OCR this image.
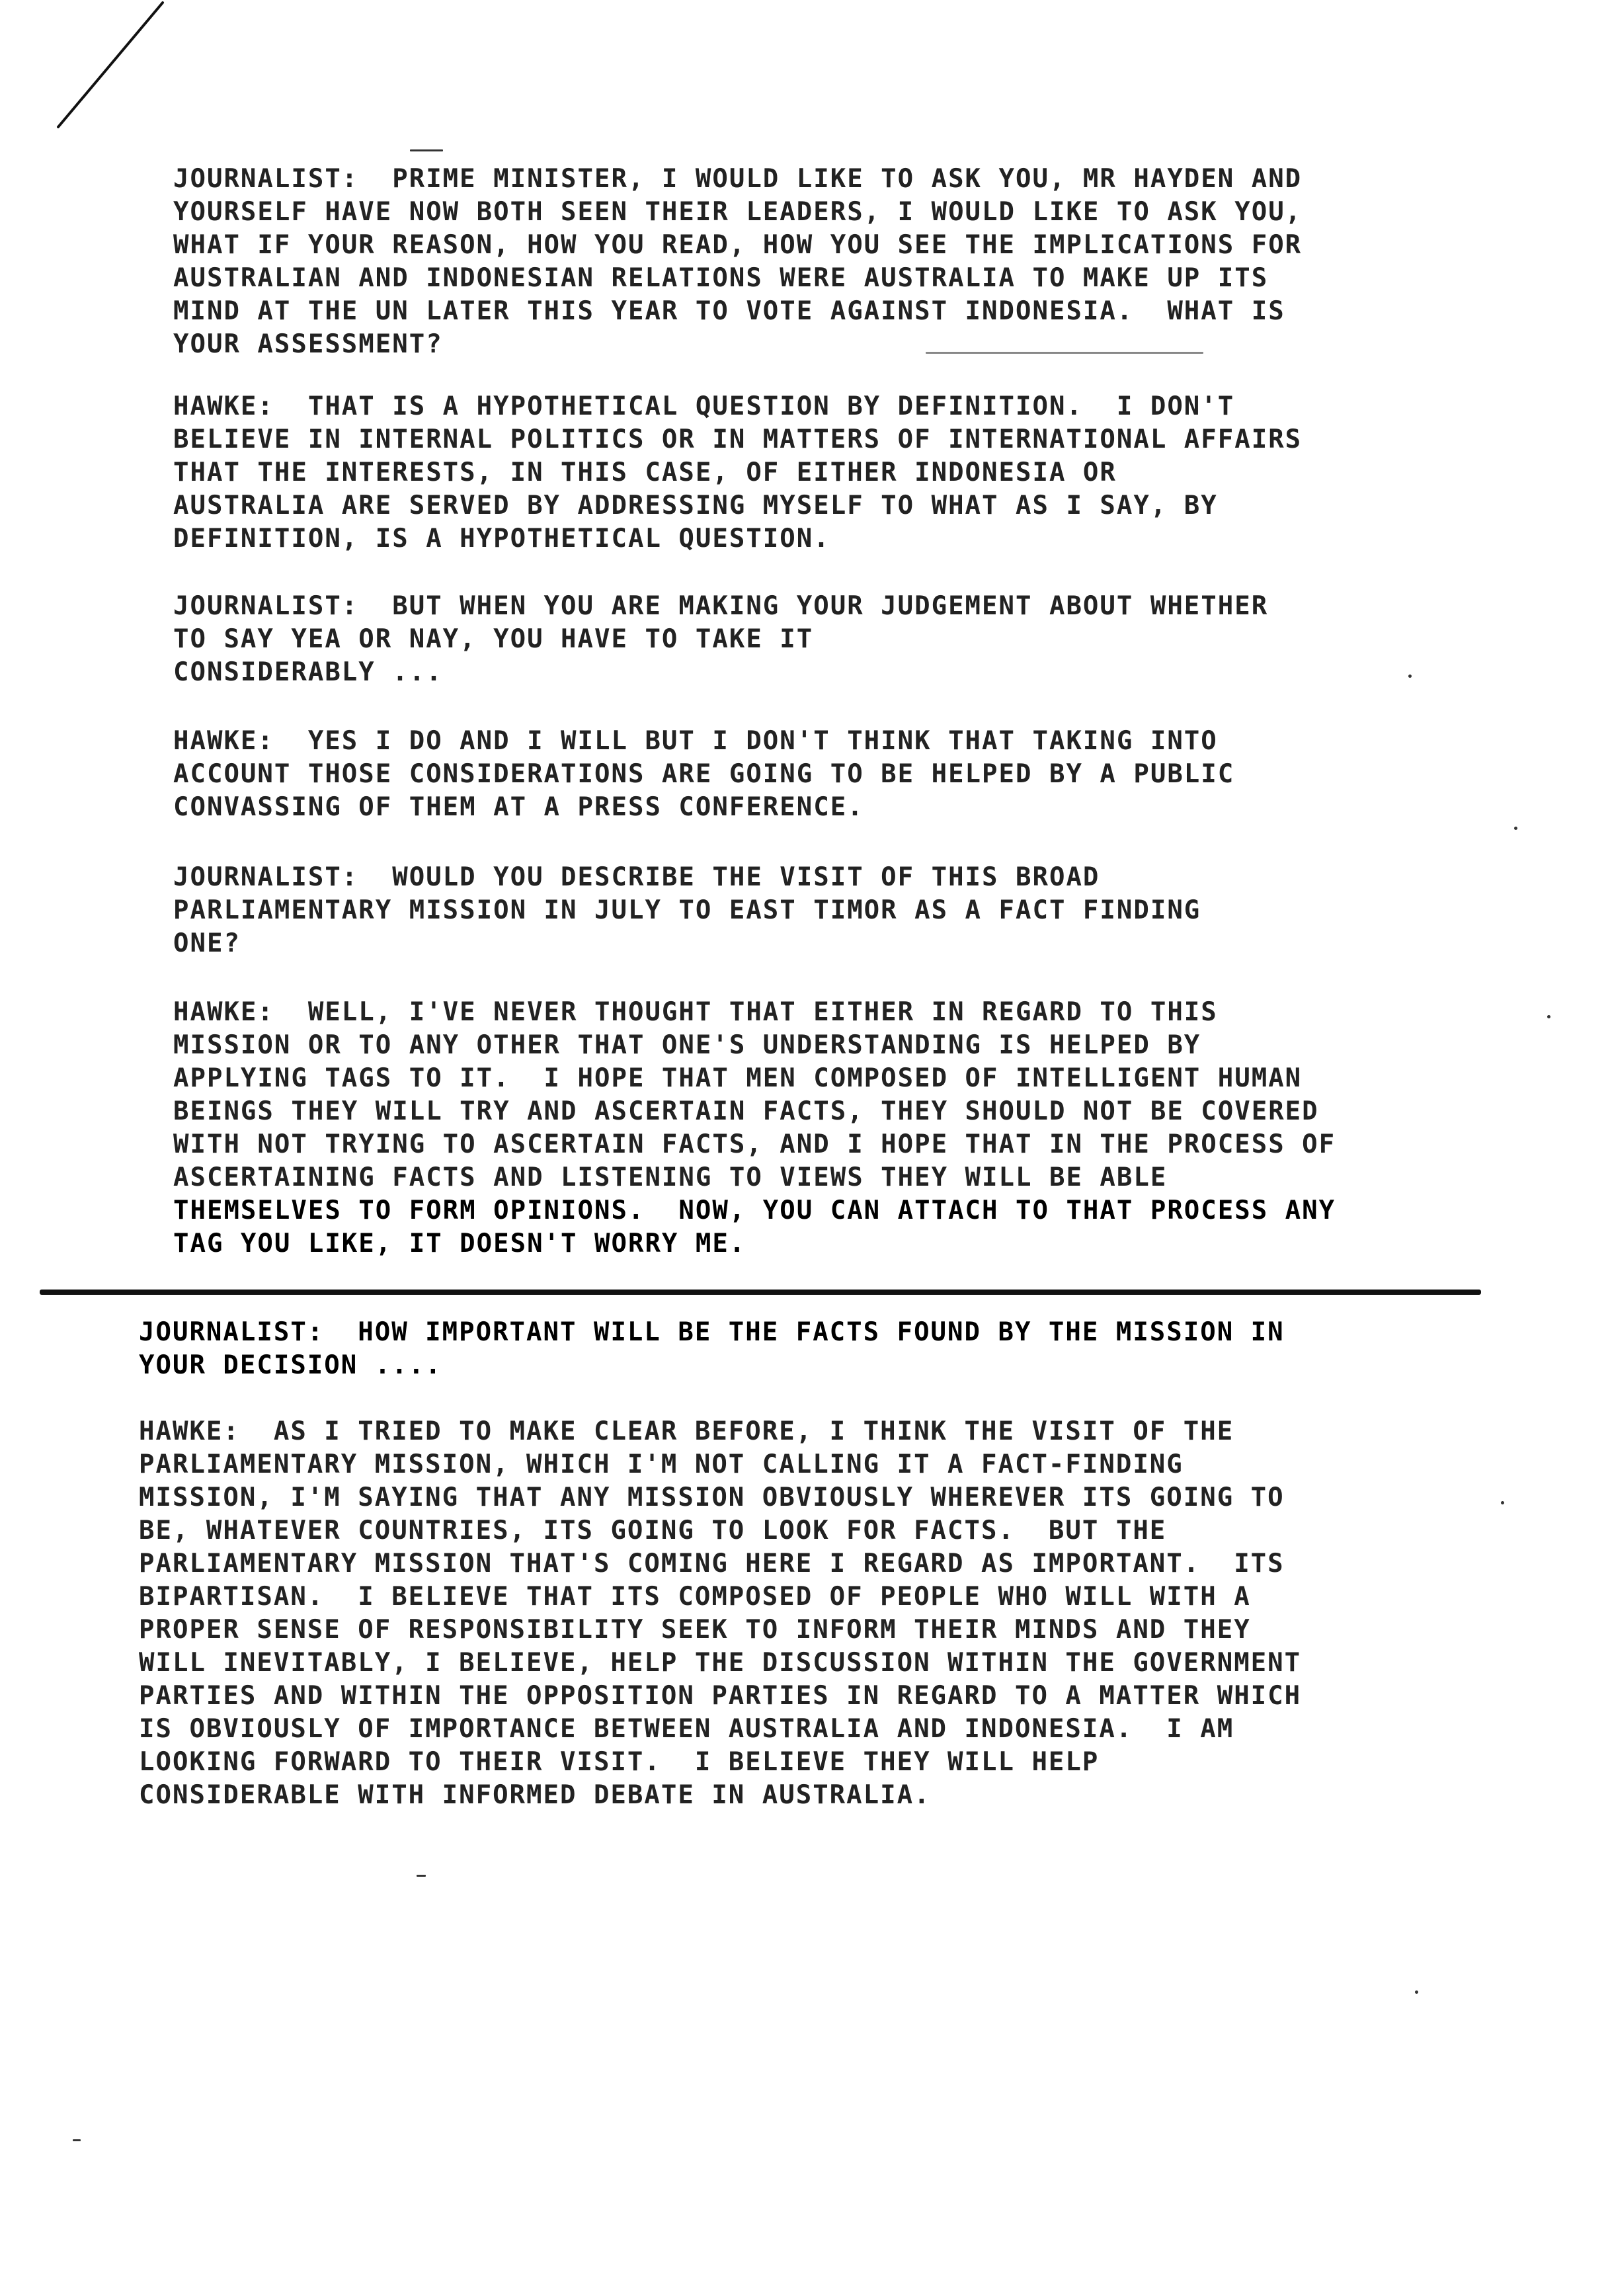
JOURNALIST:  PRIME MINISTER, I WOULD LIKE TO ASK YOU, MR HAYDEN AND
YOURSELF HAVE NOW BOTH SEEN THEIR LEADERS, I WOULD LIKE TO ASK YOU,
WHAT IF YOUR REASON, HOW YOU READ, HOW YOU SEE THE IMPLICATIONS FOR
AUSTRALIAN AND INDONESIAN RELATIONS WERE AUSTRALIA TO MAKE UP ITS
MIND AT THE UN LATER THIS YEAR TO VOTE AGAINST INDONESIA.  WHAT IS
YOUR ASSESSMENT?
HAWKE:  THAT IS A HYPOTHETICAL QUESTION BY DEFINITION.  I DON'T
BELIEVE IN INTERNAL POLITICS OR IN MATTERS OF INTERNATIONAL AFFAIRS
THAT THE INTERESTS, IN THIS CASE, OF EITHER INDONESIA OR
AUSTRALIA ARE SERVED BY ADDRESSING MYSELF TO WHAT AS I SAY, BY
DEFINITION, IS A HYPOTHETICAL QUESTION.
JOURNALIST:  BUT WHEN YOU ARE MAKING YOUR JUDGEMENT ABOUT WHETHER
TO SAY YEA OR NAY, YOU HAVE TO TAKE IT
CONSIDERABLY ...
HAWKE:  YES I DO AND I WILL BUT I DON'T THINK THAT TAKING INTO
ACCOUNT THOSE CONSIDERATIONS ARE GOING TO BE HELPED BY A PUBLIC
CONVASSING OF THEM AT A PRESS CONFERENCE.
JOURNALIST:  WOULD YOU DESCRIBE THE VISIT OF THIS BROAD
PARLIAMENTARY MISSION IN JULY TO EAST TIMOR AS A FACT FINDING
ONE?
HAWKE:  WELL, I'VE NEVER THOUGHT THAT EITHER IN REGARD TO THIS
MISSION OR TO ANY OTHER THAT ONE'S UNDERSTANDING IS HELPED BY
APPLYING TAGS TO IT.  I HOPE THAT MEN COMPOSED OF INTELLIGENT HUMAN
BEINGS THEY WILL TRY AND ASCERTAIN FACTS, THEY SHOULD NOT BE COVERED
WITH NOT TRYING TO ASCERTAIN FACTS, AND I HOPE THAT IN THE PROCESS OF
ASCERTAINING FACTS AND LISTENING TO VIEWS THEY WILL BE ABLE
THEMSELVES TO FORM OPINIONS.  NOW, YOU CAN ATTACH TO THAT PROCESS ANY
TAG YOU LIKE, IT DOESN'T WORRY ME.
JOURNALIST:  HOW IMPORTANT WILL BE THE FACTS FOUND BY THE MISSION IN
YOUR DECISION ....
HAWKE:  AS I TRIED TO MAKE CLEAR BEFORE, I THINK THE VISIT OF THE
PARLIAMENTARY MISSION, WHICH I'M NOT CALLING IT A FACT-FINDING
MISSION, I'M SAYING THAT ANY MISSION OBVIOUSLY WHEREVER ITS GOING TO
BE, WHATEVER COUNTRIES, ITS GOING TO LOOK FOR FACTS.  BUT THE
PARLIAMENTARY MISSION THAT'S COMING HERE I REGARD AS IMPORTANT.  ITS
BIPARTISAN.  I BELIEVE THAT ITS COMPOSED OF PEOPLE WHO WILL WITH A
PROPER SENSE OF RESPONSIBILITY SEEK TO INFORM THEIR MINDS AND THEY
WILL INEVITABLY, I BELIEVE, HELP THE DISCUSSION WITHIN THE GOVERNMENT
PARTIES AND WITHIN THE OPPOSITION PARTIES IN REGARD TO A MATTER WHICH
IS OBVIOUSLY OF IMPORTANCE BETWEEN AUSTRALIA AND INDONESIA.  I AM
LOOKING FORWARD TO THEIR VISIT.  I BELIEVE THEY WILL HELP
CONSIDERABLE WITH INFORMED DEBATE IN AUSTRALIA.
